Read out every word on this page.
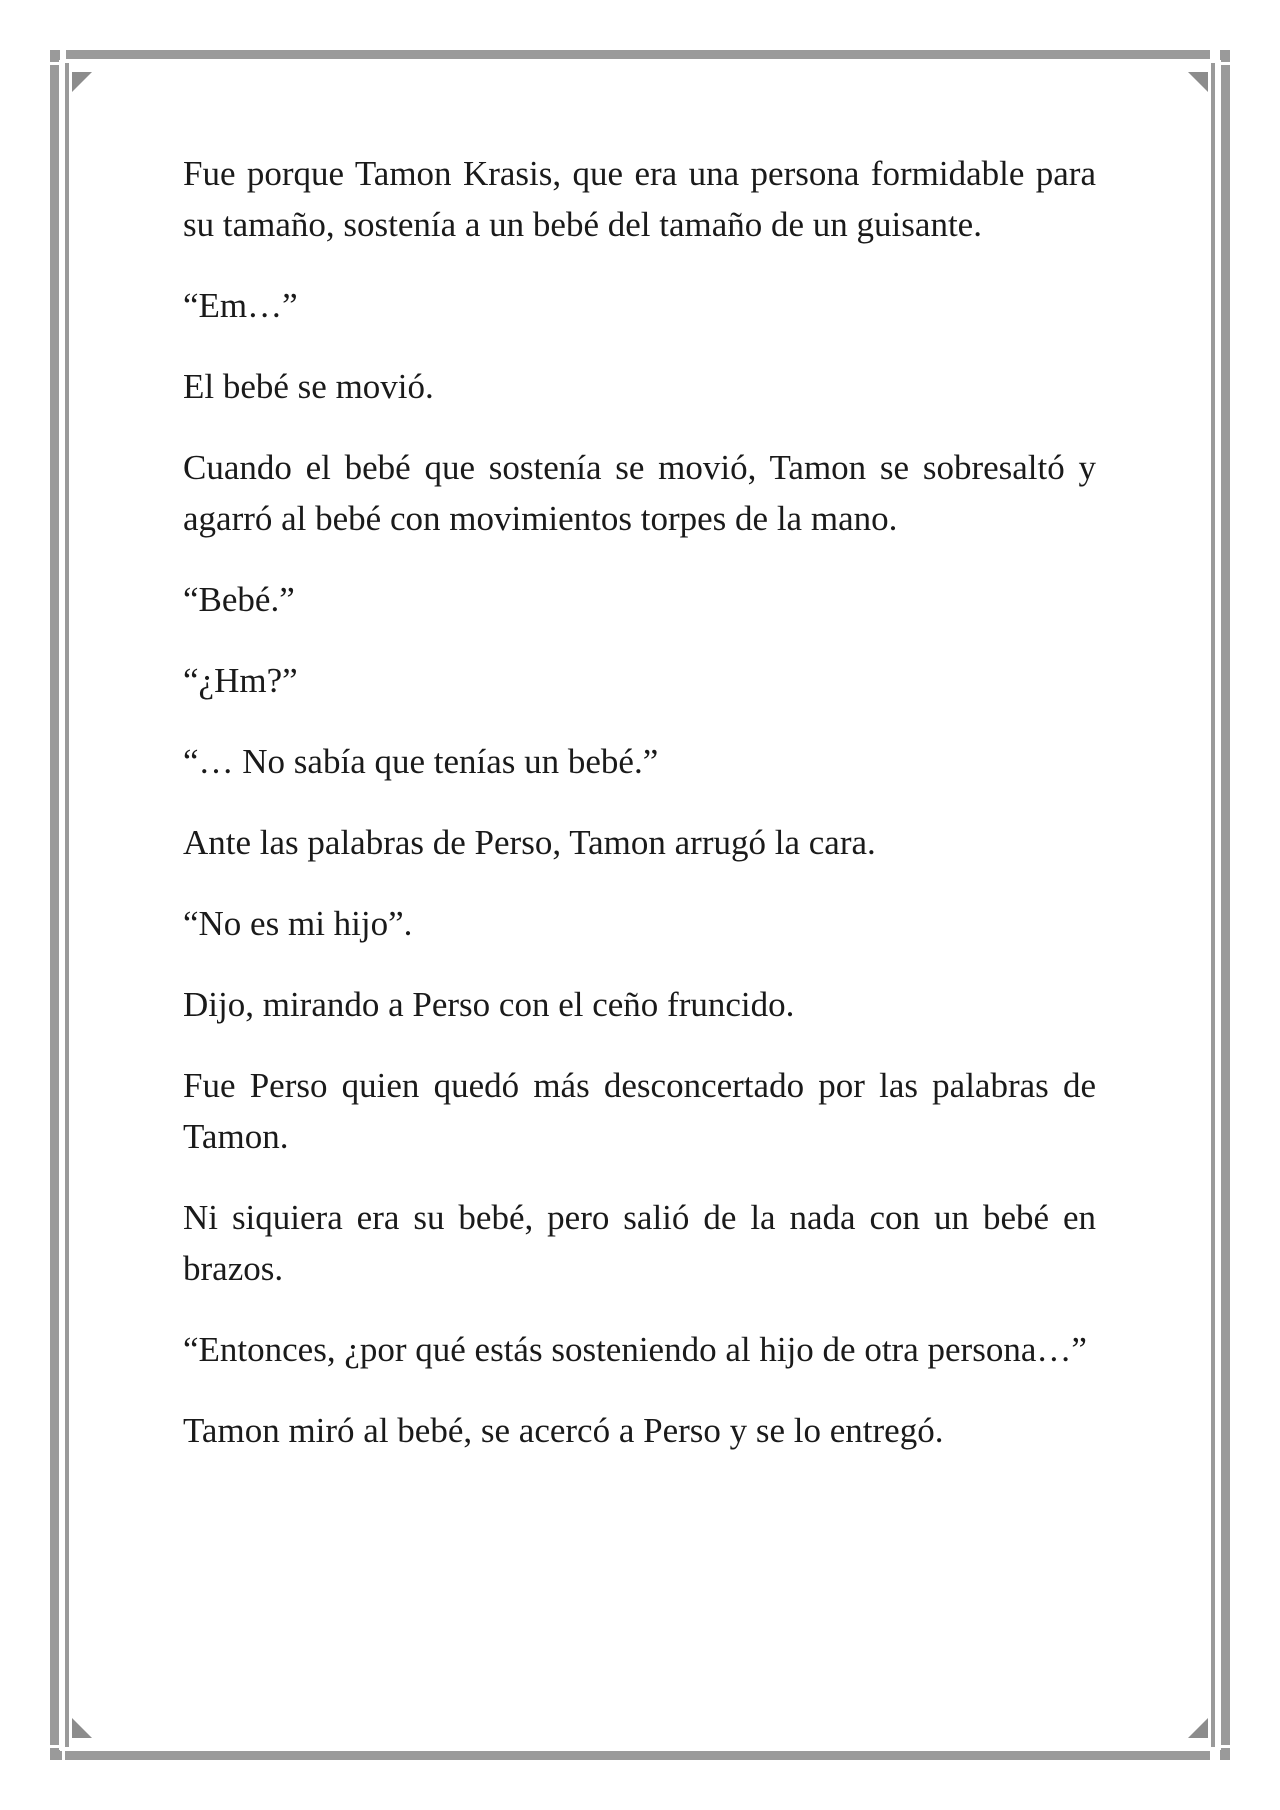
Fue porque Tamon Krasis, que era una persona formidable para su tamaño, sostenía a un bebé del tamaño de un guisante.

“Em…”

El bebé se movió.

Cuando el bebé que sostenía se movió, Tamon se sobresaltó y agarró al bebé con movimientos torpes de la mano.

“Bebé.”

“¿Hm?”

“… No sabía que tenías un bebé.”

Ante las palabras de Perso, Tamon arrugó la cara.

“No es mi hijo”.

Dijo, mirando a Perso con el ceño fruncido.

Fue Perso quien quedó más desconcertado por las palabras de Tamon.

Ni siquiera era su bebé, pero salió de la nada con un bebé en brazos.

“Entonces, ¿por qué estás sosteniendo al hijo de otra persona…”

Tamon miró al bebé, se acercó a Perso y se lo entregó.
